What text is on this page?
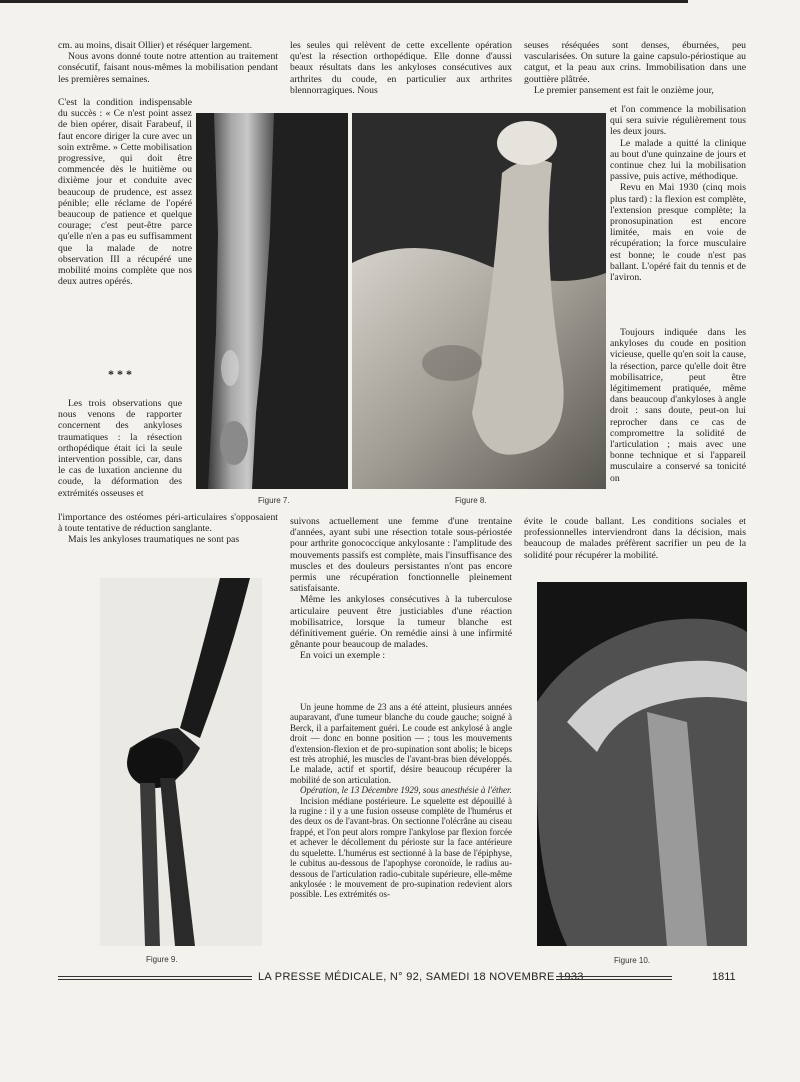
cm. au moins, disait Ollier) et réséquer largement.

Nous avons donné toute notre attention au traitement consécutif, faisant nous-mêmes la mobilisation pendant les premières semaines.

C'est la condition indispensable du succès : « Ce n'est point assez de bien opérer, disait Farabeuf, il faut encore diriger la cure avec un soin extrême. » Cette mobilisation progressive, qui doit être commencée dès le huitième ou dixième jour et conduite avec beaucoup de prudence, est assez pénible; elle réclame de l'opéré beaucoup de patience et quelque courage; c'est peut-être parce qu'elle n'en a pas eu suffisamment que la malade de notre observation III a récupéré une mobilité moins complète que nos deux autres opérés.

* * *

Les trois observations que nous venons de rapporter concernent des ankyloses traumatiques : la résection orthopédique était ici la seule intervention possible, car, dans le cas de luxation ancienne du coude, la déformation des extrémités osseuses et

l'importance des ostéomes péri-articulaires s'opposaient à toute tentative de réduction sanglante.

Mais les ankyloses traumatiques ne sont pas

les seules qui relèvent de cette excellente opération qu'est la résection orthopédique. Elle donne d'aussi beaux résultats dans les ankyloses consécutives aux arthrites du coude, en particulier aux arthrites blennorragiques. Nous

seuses réséquées sont denses, éburnées, peu vascularisées. On suture la gaine capsulo-périostique au catgut, et la peau aux crins. Immobilisation dans une gouttière plâtrée.

Le premier pansement est fait le onzième jour,

et l'on commence la mobilisation qui sera suivie régulièrement tous les deux jours.

Le malade a quitté la clinique au bout d'une quinzaine de jours et continue chez lui la mobilisation passive, puis active, méthodique.

Revu en Mai 1930 (cinq mois plus tard) : la flexion est complète, l'extension presque complète; la pronosupination est encore limitée, mais en voie de récupération; la force musculaire est bonne; le coude n'est pas ballant. L'opéré fait du tennis et de l'aviron.

Toujours indiquée dans les ankyloses du coude en position vicieuse, quelle qu'en soit la cause, la résection, parce qu'elle doit être mobilisatrice, peut être légitimement pratiquée, même dans beaucoup d'ankyloses à angle droit : sans doute, peut-on lui reprocher dans ce cas de compromettre la solidité de l'articulation ; mais avec une bonne technique et si l'appareil musculaire a conservé sa tonicité on

évite le coude ballant. Les conditions sociales et professionnelles interviendront dans la décision, mais beaucoup de malades préfèrent sacrifier un peu de la solidité pour récupérer la mobilité.

Figure 7.	Figure 8.

suivons actuellement une femme d'une trentaine d'années, ayant subi une résection totale sous-périostée pour arthrite gonococcique ankylosante : l'amplitude des mouvements passifs est complète, mais l'insuffisance des muscles et des douleurs persistantes n'ont pas encore permis une récupération fonctionnelle pleinement satisfaisante.

Même les ankyloses consécutives à la tuberculose articulaire peuvent être justiciables d'une réaction mobilisatrice, lorsque la tumeur blanche est définitivement guérie. On remédie ainsi à une infirmité gênante pour beaucoup de malades.

En voici un exemple :

Un jeune homme de 23 ans a été atteint, plusieurs années auparavant, d'une tumeur blanche du coude gauche; soigné à Berck, il a parfaitement guéri. Le coude est ankylosé à angle droit — donc en bonne position — ; tous les mouvements d'extension-flexion et de pro-supination sont abolis; le biceps est très atrophié, les muscles de l'avant-bras bien développés. Le malade, actif et sportif, désire beaucoup récupérer la mobilité de son articulation.

Opération, le 13 Décembre 1929, sous anesthésie à l'éther.

Incision médiane postérieure. Le squelette est dépouillé à la rugine : il y a une fusion osseuse complète de l'humérus et des deux os de l'avant-bras. On sectionne l'olécrâne au ciseau frappé, et l'on peut alors rompre l'ankylose par flexion forcée et achever le décollement du périoste sur la face antérieure du squelette. L'humérus est sectionné à la base de l'épiphyse, le cubitus au-dessous de l'apophyse coronoïde, le radius au-dessous de l'articulation radio-cubitale supérieure, elle-même ankylosée : le mouvement de pro-supination redevient alors possible. Les extrémités os-

Figure 9.	Figure 10.
LA PRESSE MÉDICALE, N° 92, SAMEDI 18 NOVEMBRE 1933	1811
